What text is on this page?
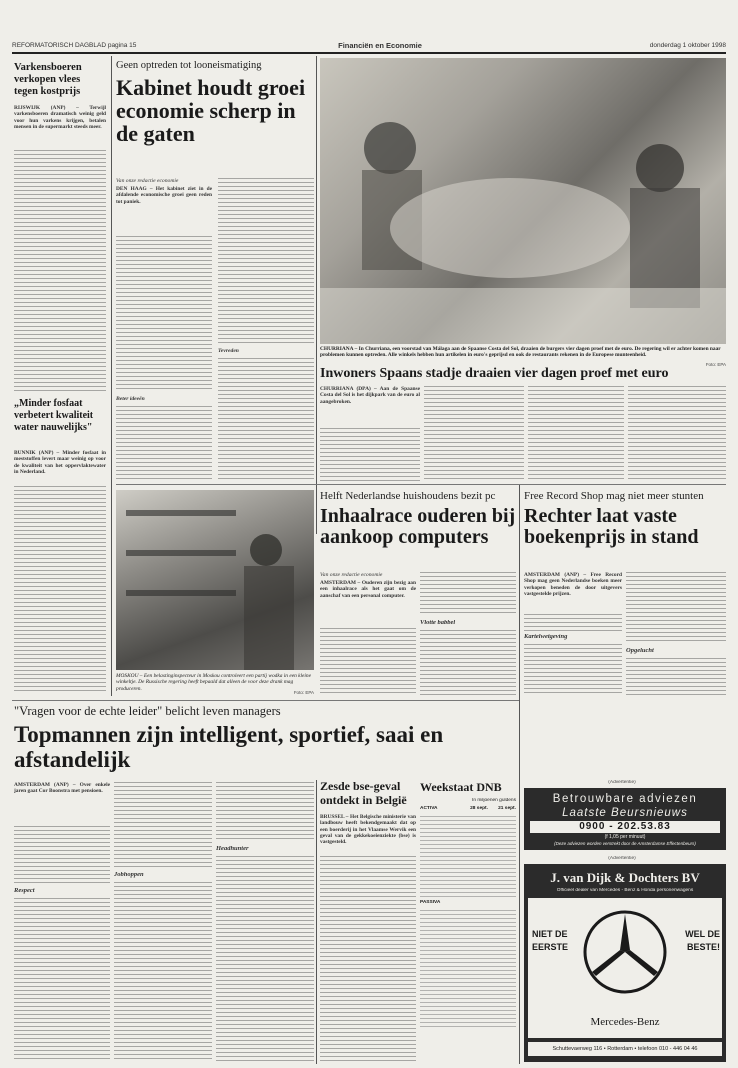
REFORMATORISCH DAGBLAD pagina 15	Financiën en Economie	donderdag 1 oktober 1998
Varkensboeren verkopen vlees tegen kostprijs
RIJSWIJK (ANP) – Terwijl varkensboeren dramatisch weinig geld voor hun varkens krijgen, betalen mensen in de supermarkt steeds meer.
„Minder fosfaat verbetert kwaliteit water nauwelijks"
BUNNIK (ANP) – Minder fosfaat in meststoffen levert maar weinig op voor de kwaliteit van het oppervlaktewater in Nederland.
Geen optreden tot looneismatiging
Kabinet houdt groei economie scherp in de gaten
Van onze redactie economie
DEN HAAG – Het kabinet ziet in de afdalende economische groei geen reden tot paniek.
Beter ideeën
Tevreden	CHURRIANA – In Churriana, een voorstad van Málaga aan de Spaanse Costa del Sol, draaien de burgers vier dagen proef met de euro. De regering wil er achter komen naar problemen kunnen optreden. Alle winkels hebben hun artikelen in euro's geprijsd en ook de restaurants rekenen in de Europese munteenheid.
Foto: EPA
Inwoners Spaans stadje draaien vier dagen proef met euro
CHURRIANA (DPA) – Aan de Spaanse Costa del Sol is het dijkpark van de euro al aangebroken.
MOSKOU – Een belastinginspecteur in Moskou controleert een partij wodka in een kleine winkeltje. De Russische regering heeft bepaald dat alleen de voor deze drank mag produceren.
Foto: EPA
Helft Nederlandse huishoudens bezit pc
Inhaalrace ouderen bij aankoop computers
Van onze redactie economie
AMSTERDAM – Ouderen zijn bezig aan een inhaalrace als het gaat om de aanschaf van een personal computer.
Vlotte babbel
Free Record Shop mag niet meer stunten
Rechter laat vaste boekenprijs in stand
AMSTERDAM (ANP) – Free Record Shop mag geen Nederlandse boeken meer verkopen beneden de door uitgevers vastgestelde prijzen.
Kartelwetgeving
Opgelucht
"Vragen voor de echte leider" belicht leven managers
Topmannen zijn intelligent, sportief, saai en afstandelijk
AMSTERDAM (ANP) – Over enkele jaren gaat Cor Boonstra met pensioen.
Respect
Jobhoppen
Headhunter
Zesde bse-geval ontdekt in België
BRUSSEL – Het Belgische ministerie van landbouw heeft bekendgemaakt dat op een boerderij in het Vlaamse Wervik een geval van de gekkekoeienziekte (bse) is vastgesteld.
Weekstaat DNB
In miljoenen guldens
ACTIVA	28 sept.	21 sept.
PASSIVA
(Advertentie)
Betrouwbare adviezen
Laatste Beursnieuws
0900 - 202.53.83
(f 1,05 per minuut)
(Deze adviezen worden verstrekt door de Amsterdamse Effectenbeurs)
(Advertentie)
J. van Dijk & Dochters BV
Officieel dealer van Mercedes - Benz & Honda personenwagens
NIET DE EERSTE
WEL DE BESTE!
Mercedes-Benz
Schuttevaerweg 116 • Rotterdam • telefoon 010 - 446 04 46
